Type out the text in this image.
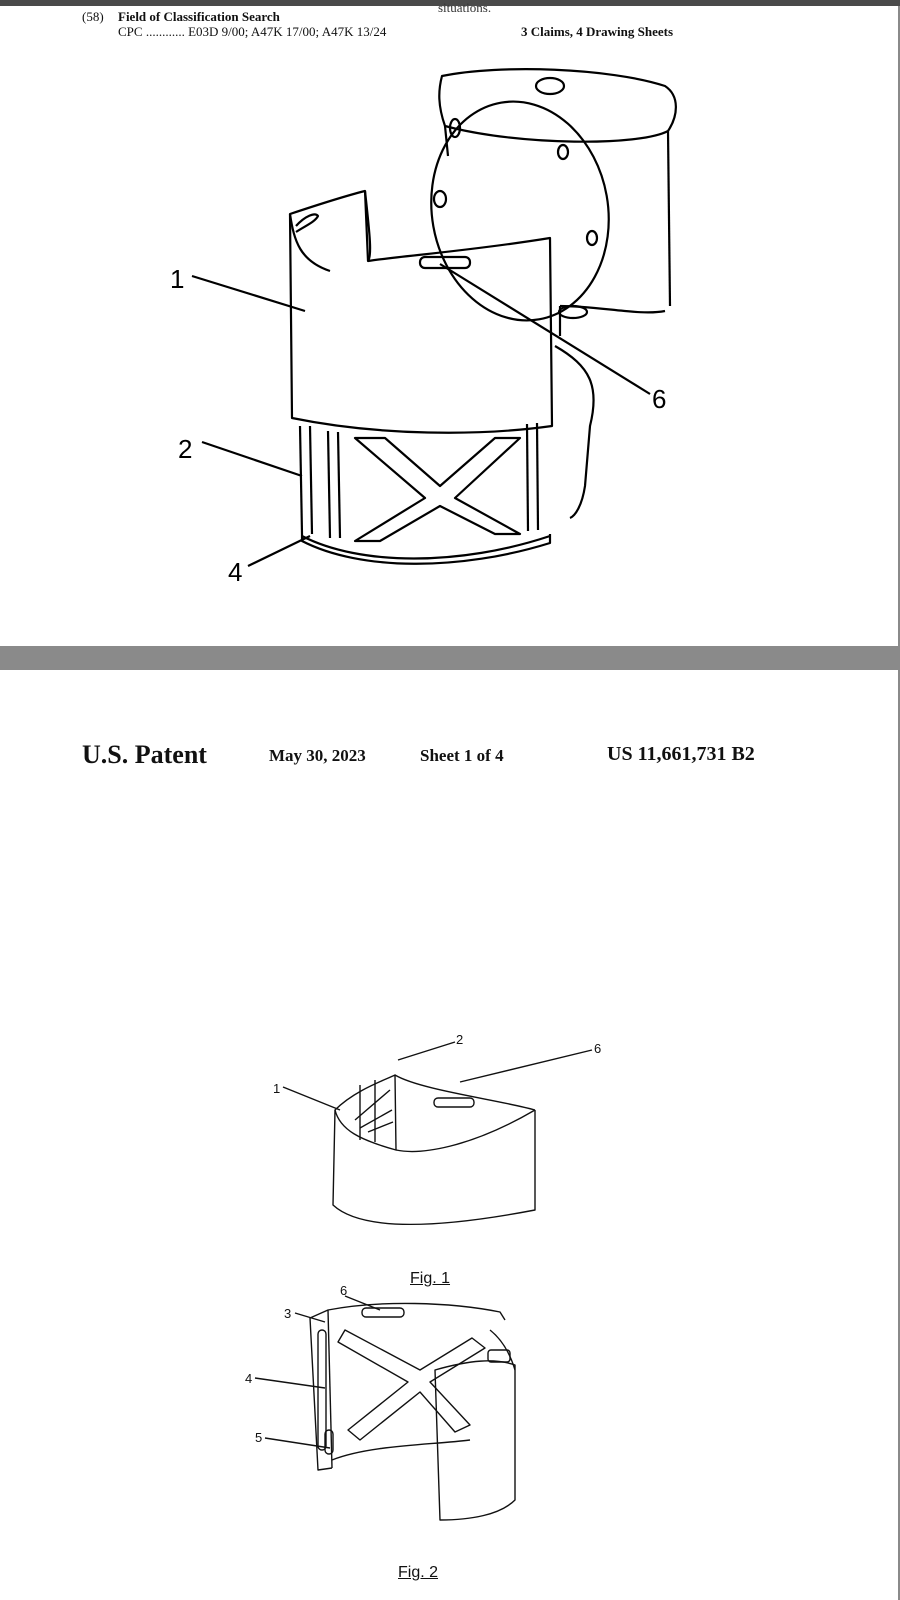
situations.
(58) Field of Classification Search
CPC ............ E03D 9/00; A47K 17/00; A47K 13/24	3 Claims, 4 Drawing Sheets
1
2
4
6
U.S. Patent	May 30, 2023	Sheet 1 of 4	US 11,661,731 B2
1
2
6
3
6
4
5
Fig. 1
Fig. 2
